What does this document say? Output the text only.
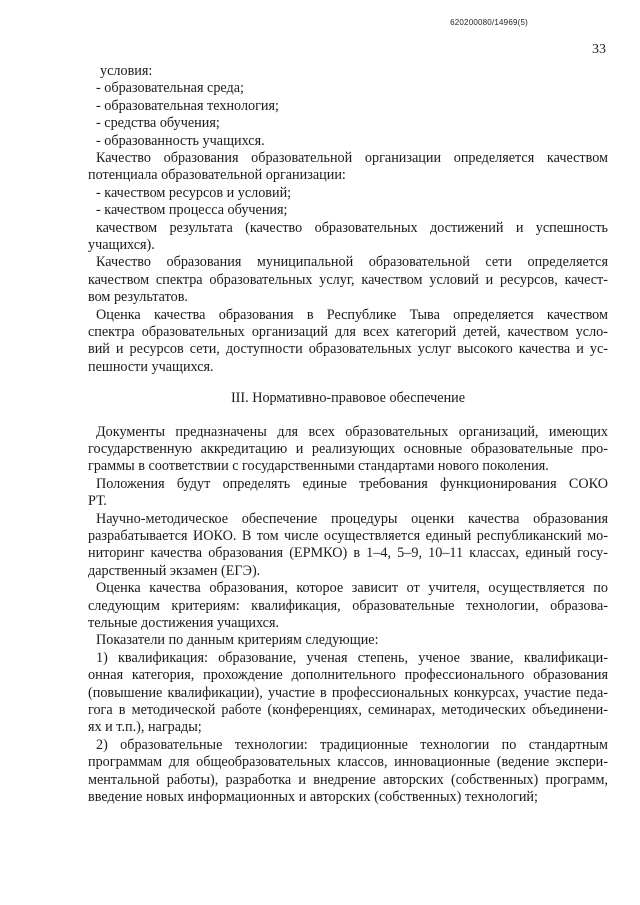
620200080/14969(5)
33
условия:
- образовательная среда;
- образовательная технология;
- средства обучения;
- образованность учащихся.
Качество образования образовательной организации определяется качеством
потенциала образовательной организации:
- качеством ресурсов и условий;
- качеством процесса обучения;
качеством результата (качество образовательных достижений и успешность
учащихся).
Качество образования муниципальной образовательной сети определяется
качеством спектра образовательных услуг, качеством условий и ресурсов, качест-
вом результатов.
Оценка качества образования в Республике Тыва определяется качеством
спектра образовательных организаций для всех категорий детей, качеством усло-
вий и ресурсов сети, доступности образовательных услуг высокого качества и ус-
пешности учащихся.
III. Нормативно-правовое обеспечение
Документы предназначены для всех образовательных организаций, имеющих
государственную аккредитацию и реализующих основные образовательные про-
граммы в соответствии с государственными стандартами нового поколения.
Положения будут определять единые требования функционирования СОКО
РТ.
Научно-методическое обеспечение процедуры оценки качества образования
разрабатывается ИОКО. В том числе осуществляется единый республиканский мо-
ниторинг качества образования (ЕРМКО) в 1–4, 5–9, 10–11 классах, единый госу-
дарственный экзамен (ЕГЭ).
Оценка качества образования, которое зависит от учителя, осуществляется по
следующим критериям: квалификация, образовательные технологии, образова-
тельные достижения учащихся.
Показатели по данным критериям следующие:
1) квалификация: образование, ученая степень, ученое звание, квалификаци-
онная категория, прохождение дополнительного профессионального образования
(повышение квалификации), участие в профессиональных конкурсах, участие педа-
гога в методической работе (конференциях, семинарах, методических объединени-
ях и т.п.), награды;
2) образовательные технологии: традиционные технологии по стандартным
программам для общеобразовательных классов, инновационные (ведение экспери-
ментальной работы), разработка и внедрение авторских (собственных) программ,
введение новых информационных и авторских (собственных) технологий;
